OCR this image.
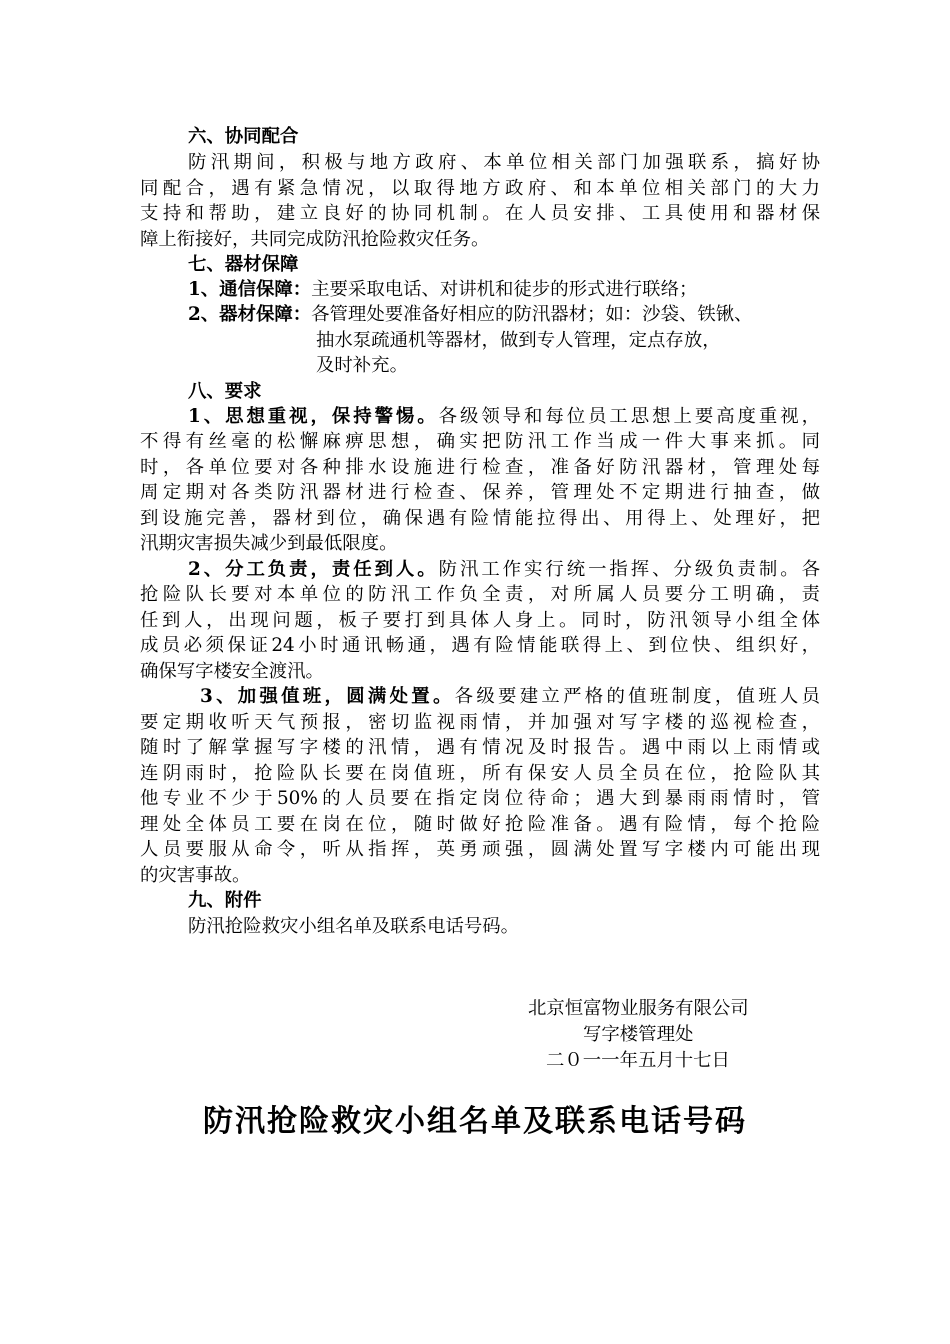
六、协同配合
防汛期间，积极与地方政府、本单位相关部门加强联系，搞好协
同配合，遇有紧急情况，以取得地方政府、和本单位相关部门的大力
支持和帮助，建立良好的协同机制。在人员安排、工具使用和器材保
障上衔接好，共同完成防汛抢险救灾任务。
七、器材保障
1、通信保障：主要采取电话、对讲机和徒步的形式进行联络；
2、器材保障：各管理处要准备好相应的防汛器材；如：沙袋、铁锹、
抽水泵疏通机等器材，做到专人管理，定点存放，
及时补充。
八、要求
1、思想重视，保持警惕。各级领导和每位员工思想上要高度重视，
不得有丝毫的松懈麻痹思想，确实把防汛工作当成一件大事来抓。同
时，各单位要对各种排水设施进行检查，准备好防汛器材，管理处每
周定期对各类防汛器材进行检查、保养，管理处不定期进行抽查，做
到设施完善，器材到位，确保遇有险情能拉得出、用得上、处理好，把
汛期灾害损失减少到最低限度。
2、分工负责，责任到人。防汛工作实行统一指挥、分级负责制。各
抢险队长要对本单位的防汛工作负全责，对所属人员要分工明确，责
任到人，出现问题，板子要打到具体人身上。同时，防汛领导小组全体
成员必须保证24小时通讯畅通，遇有险情能联得上、到位快、组织好，
确保写字楼安全渡汛。
3、加强值班，圆满处置。各级要建立严格的值班制度，值班人员
要定期收听天气预报，密切监视雨情，并加强对写字楼的巡视检查，
随时了解掌握写字楼的汛情，遇有情况及时报告。遇中雨以上雨情或
连阴雨时，抢险队长要在岗值班，所有保安人员全员在位，抢险队其
他专业不少于50%的人员要在指定岗位待命；遇大到暴雨雨情时，管
理处全体员工要在岗在位，随时做好抢险准备。遇有险情，每个抢险
人员要服从命令，听从指挥，英勇顽强，圆满处置写字楼内可能出现
的灾害事故。
九、附件
防汛抢险救灾小组名单及联系电话号码。
北京恒富物业服务有限公司
写字楼管理处
二０一一年五月十七日
防汛抢险救灾小组名单及联系电话号码
